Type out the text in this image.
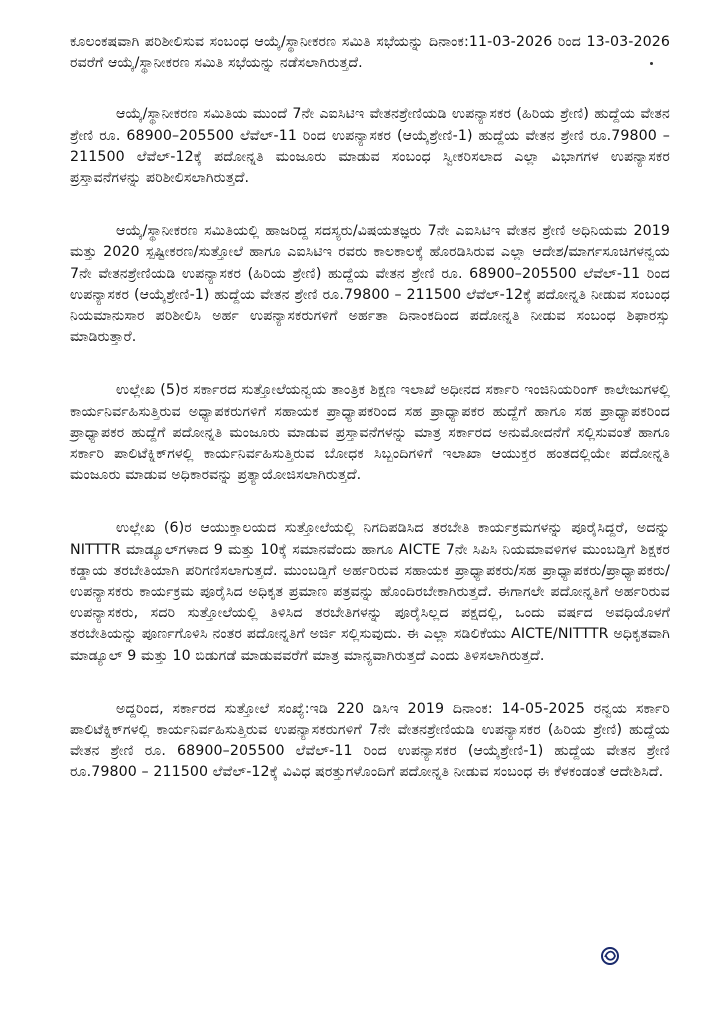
ಕೂಲಂಕಷವಾಗಿ ಪರಿಶೀಲಿಸುವ ಸಂಬಂಧ ಆಯ್ಕೆ/ಸ್ಥಾನೀಕರಣ ಸಮಿತಿ ಸಭೆಯನ್ನು ದಿನಾಂಕ:11-03-2026 ರಿಂದ 13-03-2026 ರವರೆಗೆ ಆಯ್ಕೆ/ಸ್ಥಾನೀಕರಣ ಸಮಿತಿ ಸಭೆಯನ್ನು ನಡೆಸಲಾಗಿರುತ್ತದೆ.

ಆಯ್ಕೆ/ಸ್ಥಾನೀಕರಣ ಸಮಿತಿಯ ಮುಂದೆ 7ನೇ ಎಐಸಿಟಿಇ ವೇತನಶ್ರೇಣಿಯಡಿ ಉಪನ್ಯಾಸಕರ (ಹಿರಿಯ ಶ್ರೇಣಿ) ಹುದ್ದೆಯ ವೇತನ ಶ್ರೇಣಿ ರೂ. 68900–205500 ಲೆವೆಲ್-11 ರಿಂದ ಉಪನ್ಯಾಸಕರ (ಆಯ್ಕೆಶ್ರೇಣಿ-1) ಹುದ್ದೆಯ ವೇತನ ಶ್ರೇಣಿ ರೂ.79800 –211500 ಲೆವೆಲ್-12ಕ್ಕೆ ಪದೋನ್ನತಿ ಮಂಜೂರು ಮಾಡುವ ಸಂಬಂಧ ಸ್ವೀಕರಿಸಲಾದ ಎಲ್ಲಾ ವಿಭಾಗಗಳ ಉಪನ್ಯಾಸಕರ ಪ್ರಸ್ತಾವನೆಗಳನ್ನು ಪರಿಶೀಲಿಸಲಾಗಿರುತ್ತದೆ.

ಆಯ್ಕೆ/ಸ್ಥಾನೀಕರಣ ಸಮಿತಿಯಲ್ಲಿ ಹಾಜರಿದ್ದ ಸದಸ್ಯರು/ವಿಷಯತಜ್ಞರು 7ನೇ ಎಐಸಿಟಿಇ ವೇತನ ಶ್ರೇಣಿ ಅಧಿನಿಯಮ 2019 ಮತ್ತು 2020 ಸ್ಪಷ್ಟೀಕರಣ/ಸುತ್ತೋಲೆ ಹಾಗೂ ಎಐಸಿಟಿಇ ರವರು ಕಾಲಕಾಲಕ್ಕೆ ಹೊರಡಿಸಿರುವ ಎಲ್ಲಾ ಆದೇಶ/ಮಾರ್ಗಸೂಚಿಗಳನ್ವಯ 7ನೇ ವೇತನಶ್ರೇಣಿಯಡಿ ಉಪನ್ಯಾಸಕರ (ಹಿರಿಯ ಶ್ರೇಣಿ) ಹುದ್ದೆಯ ವೇತನ ಶ್ರೇಣಿ ರೂ. 68900–205500 ಲೆವೆಲ್-11 ರಿಂದ ಉಪನ್ಯಾಸಕರ (ಆಯ್ಕೆಶ್ರೇಣಿ-1) ಹುದ್ದೆಯ ವೇತನ ಶ್ರೇಣಿ ರೂ.79800 – 211500 ಲೆವೆಲ್-12ಕ್ಕೆ ಪದೋನ್ನತಿ ನೀಡುವ ಸಂಬಂಧ ನಿಯಮಾನುಸಾರ ಪರಿಶೀಲಿಸಿ ಅರ್ಹ ಉಪನ್ಯಾಸಕರುಗಳಿಗೆ ಅರ್ಹತಾ ದಿನಾಂಕದಿಂದ ಪದೋನ್ನತಿ ನೀಡುವ ಸಂಬಂಧ ಶಿಫಾರಸ್ಸು ಮಾಡಿರುತ್ತಾರೆ.

ಉಲ್ಲೇಖ (5)ರ ಸರ್ಕಾರದ ಸುತ್ತೋಲೆಯನ್ವಯ ತಾಂತ್ರಿಕ ಶಿಕ್ಷಣ ಇಲಾಖೆ ಅಧೀನದ ಸರ್ಕಾರಿ ಇಂಜಿನಿಯರಿಂಗ್ ಕಾಲೇಜುಗಳಲ್ಲಿ ಕಾರ್ಯನಿರ್ವಹಿಸುತ್ತಿರುವ ಅಧ್ಯಾಪಕರುಗಳಿಗೆ ಸಹಾಯಕ ಪ್ರಾಧ್ಯಾಪಕರಿಂದ ಸಹ ಪ್ರಾಧ್ಯಾಪಕರ ಹುದ್ದೆಗೆ ಹಾಗೂ ಸಹ ಪ್ರಾಧ್ಯಾಪಕರಿಂದ ಪ್ರಾಧ್ಯಾಪಕರ ಹುದ್ದೆಗೆ ಪದೋನ್ನತಿ ಮಂಜೂರು ಮಾಡುವ ಪ್ರಸ್ತಾವನೆಗಳನ್ನು ಮಾತ್ರ ಸರ್ಕಾರದ ಅನುಮೋದನೆಗೆ ಸಲ್ಲಿಸುವಂತೆ ಹಾಗೂ ಸರ್ಕಾರಿ ಪಾಲಿಟೆಕ್ನಿಕ್‌ಗಳಲ್ಲಿ ಕಾರ್ಯನಿರ್ವಹಿಸುತ್ತಿರುವ ಬೋಧಕ ಸಿಬ್ಬಂದಿಗಳಿಗೆ ಇಲಾಖಾ ಆಯುಕ್ತರ ಹಂತದಲ್ಲಿಯೇ ಪದೋನ್ನತಿ ಮಂಜೂರು ಮಾಡುವ ಅಧಿಕಾರವನ್ನು ಪ್ರತ್ಯಾಯೋಜಿಸಲಾಗಿರುತ್ತದೆ.

ಉಲ್ಲೇಖ (6)ರ ಆಯುಕ್ತಾಲಯದ ಸುತ್ತೋಲೆಯಲ್ಲಿ ನಿಗದಿಪಡಿಸಿದ ತರಬೇತಿ ಕಾರ್ಯಕ್ರಮಗಳನ್ನು ಪೂರೈಸಿದ್ದರೆ, ಅದನ್ನು NITTTR ಮಾಡ್ಯೂಲ್‌ಗಳಾದ 9 ಮತ್ತು 10ಕ್ಕೆ ಸಮಾನವೆಂದು ಹಾಗೂ AICTE 7ನೇ ಸಿಪಿಸಿ ನಿಯಮಾವಳಿಗಳ ಮುಂಬಡ್ತಿಗೆ ಶಿಕ್ಷಕರ ಕಡ್ಡಾಯ ತರಬೇತಿಯಾಗಿ ಪರಿಗಣಿಸಲಾಗುತ್ತದೆ. ಮುಂಬಡ್ತಿಗೆ ಅರ್ಹರಿರುವ ಸಹಾಯಕ ಪ್ರಾಧ್ಯಾಪಕರು/ಸಹ ಪ್ರಾಧ್ಯಾಪಕರು/ಪ್ರಾಧ್ಯಾಪಕರು/ಉಪನ್ಯಾಸಕರು ಕಾರ್ಯಕ್ರಮ ಪೂರೈಸಿದ ಅಧಿಕೃತ ಪ್ರಮಾಣ ಪತ್ರವನ್ನು ಹೊಂದಿರಬೇಕಾಗಿರುತ್ತದೆ. ಈಗಾಗಲೇ ಪದೋನ್ನತಿಗೆ ಅರ್ಹರಿರುವ ಉಪನ್ಯಾಸಕರು, ಸದರಿ ಸುತ್ತೋಲೆಯಲ್ಲಿ ತಿಳಿಸಿದ ತರಬೇತಿಗಳನ್ನು ಪೂರೈಸಿಲ್ಲದ ಪಕ್ಷದಲ್ಲಿ, ಒಂದು ವರ್ಷದ ಅವಧಿಯೊಳಗೆ ತರಬೇತಿಯನ್ನು ಪೂರ್ಣಗೊಳಿಸಿ ನಂತರ ಪದೋನ್ನತಿಗೆ ಅರ್ಜಿ ಸಲ್ಲಿಸುವುದು. ಈ ಎಲ್ಲಾ ಸಡಿಲಿಕೆಯು AICTE/NITTTR ಅಧಿಕೃತವಾಗಿ ಮಾಡ್ಯೂಲ್ 9 ಮತ್ತು 10 ಬಿಡುಗಡೆ ಮಾಡುವವರೆಗೆ ಮಾತ್ರ ಮಾನ್ಯವಾಗಿರುತ್ತದೆ ಎಂದು ತಿಳಿಸಲಾಗಿರುತ್ತದೆ.

ಅದ್ದರಿಂದ, ಸರ್ಕಾರದ ಸುತ್ತೋಲೆ ಸಂಖ್ಯೆ:ಇಡಿ 220 ಡಿಸಿಇ 2019 ದಿನಾಂಕ: 14-05-2025 ರನ್ವಯ ಸರ್ಕಾರಿ ಪಾಲಿಟೆಕ್ನಿಕ್‌ಗಳಲ್ಲಿ ಕಾರ್ಯನಿರ್ವಹಿಸುತ್ತಿರುವ ಉಪನ್ಯಾಸಕರುಗಳಿಗೆ 7ನೇ ವೇತನಶ್ರೇಣಿಯಡಿ ಉಪನ್ಯಾಸಕರ (ಹಿರಿಯ ಶ್ರೇಣಿ) ಹುದ್ದೆಯ ವೇತನ ಶ್ರೇಣಿ ರೂ. 68900–205500 ಲೆವೆಲ್-11 ರಿಂದ ಉಪನ್ಯಾಸಕರ (ಆಯ್ಕೆಶ್ರೇಣಿ-1) ಹುದ್ದೆಯ ವೇತನ ಶ್ರೇಣಿ ರೂ.79800 – 211500 ಲೆವೆಲ್-12ಕ್ಕೆ ವಿವಿಧ ಷರತ್ತುಗಳೊಂದಿಗೆ ಪದೋನ್ನತಿ ನೀಡುವ ಸಂಬಂಧ ಈ ಕೆಳಕಂಡಂತೆ ಆದೇಶಿಸಿದೆ.
